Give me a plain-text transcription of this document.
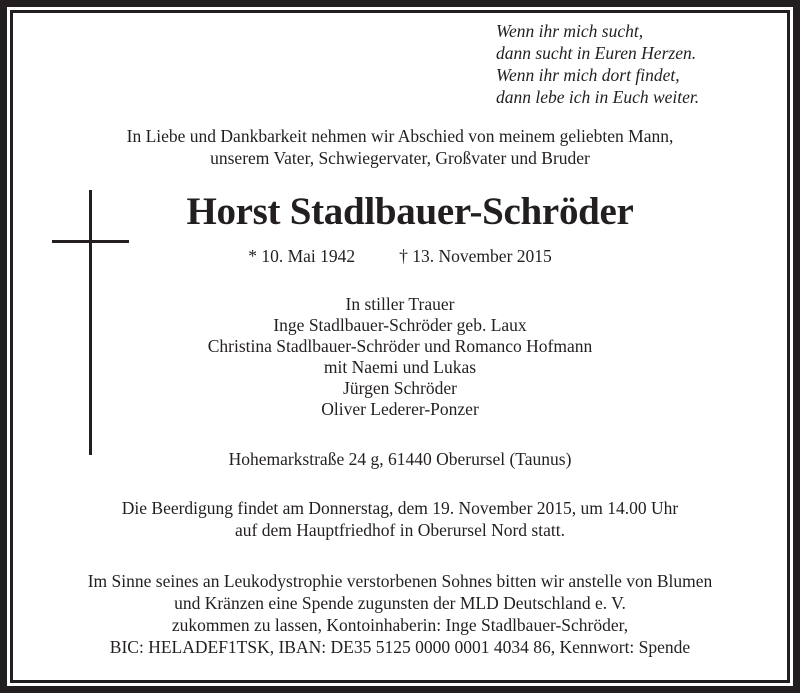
Wenn ihr mich sucht,
dann sucht in Euren Herzen.
Wenn ihr mich dort findet,
dann lebe ich in Euch weiter.
In Liebe und Dankbarkeit nehmen wir Abschied von meinem geliebten Mann,
unserem Vater, Schwiegervater, Großvater und Bruder
Horst Stadlbauer-Schröder
* 10. Mai 1942	† 13. November 2015
In stiller Trauer
Inge Stadlbauer-Schröder geb. Laux
Christina Stadlbauer-Schröder und Romanco Hofmann
mit Naemi und Lukas
Jürgen Schröder
Oliver Lederer-Ponzer
Hohemarkstraße 24 g, 61440 Oberursel (Taunus)
Die Beerdigung findet am Donnerstag, dem 19. November 2015, um 14.00 Uhr
auf dem Hauptfriedhof in Oberursel Nord statt.
Im Sinne seines an Leukodystrophie verstorbenen Sohnes bitten wir anstelle von Blumen
und Kränzen eine Spende zugunsten der MLD Deutschland e. V.
zukommen zu lassen, Kontoinhaberin: Inge Stadlbauer-Schröder,
BIC: HELADEF1TSK, IBAN: DE35 5125 0000 0001 4034 86, Kennwort: Spende
